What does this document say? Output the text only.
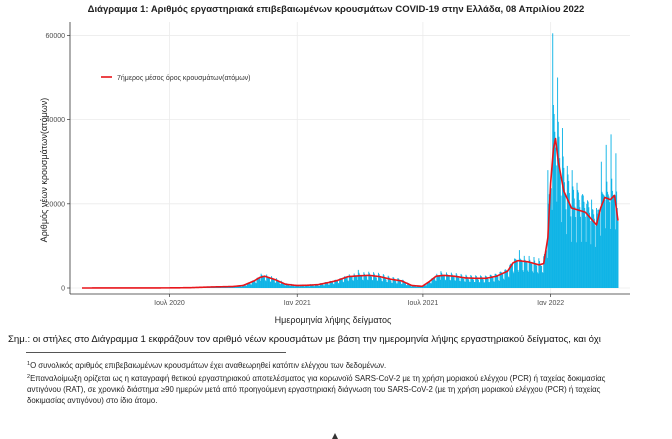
Διάγραμμα 1: Αριθμός εργαστηριακά επιβεβαιωμένων κρουσμάτων COVID-19 στην Ελλάδα, 08 Απριλίου 2022
0
20000
40000
60000
Ιουλ 2020	Ιαν 2021	Ιουλ 2021	Ιαν 2022
7ήμερος μέσος όρος κρουσμάτων(ατόμων)
Αριθμός νέων κρουσμάτων(ατόμων)
Ημερομηνία λήψης δείγματος
Σημ.: οι στήλες στο Διάγραμμα 1 εκφράζουν τον αριθμό νέων κρουσμάτων με βάση την ημερομηνία λήψης εργαστηριακού δείγματος, και όχι
$^1$Ο συνολικός αριθμός επιβεβαιωμένων κρουσμάτων έχει αναθεωρηθεί κατόπιν ελέγχου των δεδομένων.
$^2$Επαναλοίμωξη ορίζεται ως η καταγραφή θετικού εργαστηριακού αποτελέσματος για κορωνοϊό SARS-CoV-2 με τη χρήση μοριακού ελέγχου (PCR) ή ταχείας δοκιμασίας αντιγόνου (RAT), σε χρονικό διάστημα ≥90 ημερών μετά από προηγούμενη εργαστηριακή διάγνωση του SARS-CoV-2 (με τη χρήση μοριακού ελέγχου (PCR) ή ταχείας δοκιμασίας αντιγόνου) στο ίδιο άτομο.
